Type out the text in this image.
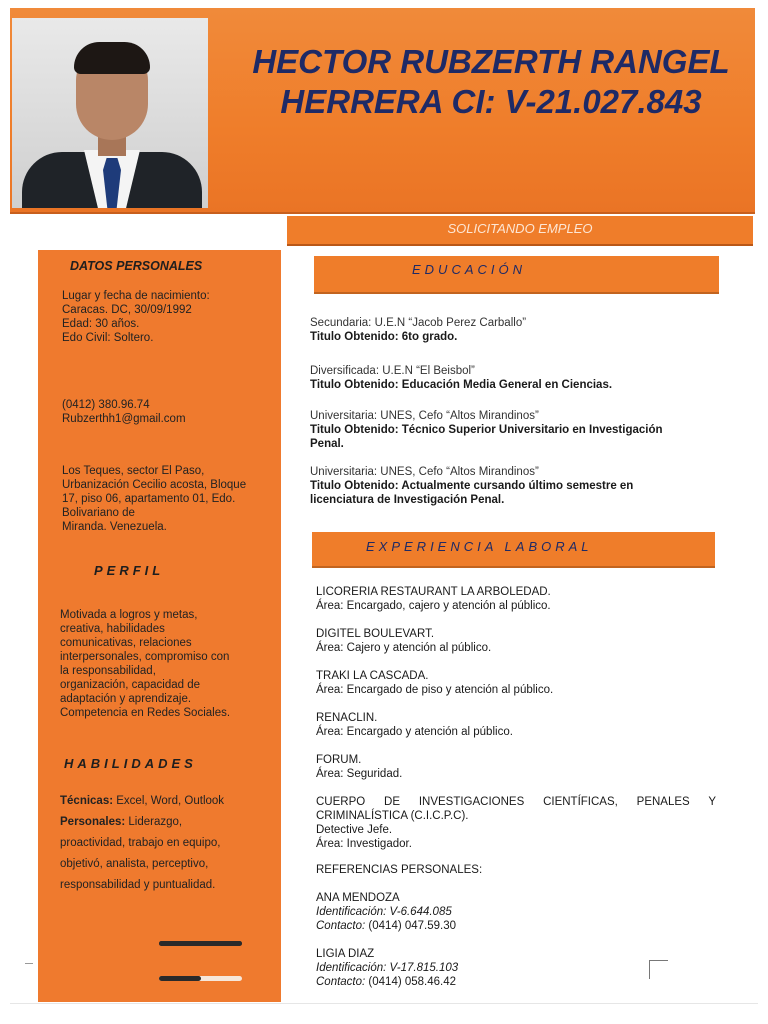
HECTOR RUBZERTH RANGEL
HERRERA CI: V-21.027.843
SOLICITANDO EMPLEO
DATOS PERSONALES
Lugar y fecha de nacimiento:
Caracas. DC, 30/09/1992
Edad: 30 años.
Edo Civil: Soltero.
(0412) 380.96.74
Rubzerthh1@gmail.com
Los Teques, sector El Paso,
Urbanización Cecilio acosta, Bloque
17, piso 06, apartamento 01, Edo.
Bolivariano de
Miranda. Venezuela.
PERFIL
Motivada a logros y metas,
creativa, habilidades
comunicativas, relaciones
interpersonales, compromiso con
la responsabilidad,
organización, capacidad de
adaptación y aprendizaje.
Competencia en Redes Sociales.
HABILIDADES
Técnicas: Excel, Word, Outlook
Personales: Liderazgo,
proactividad, trabajo en equipo,
objetivó, analista, perceptivo,
responsabilidad y puntualidad.
EDUCACIÓN
Secundaria: U.E.N “Jacob Perez Carballo”
Titulo Obtenido: 6to grado.
Diversificada: U.E.N “El Beisbol”
Titulo Obtenido: Educación Media General en Ciencias.
Universitaria: UNES, Cefo “Altos Mirandinos”
Titulo Obtenido: Técnico Superior Universitario en Investigación Penal.
Universitaria: UNES, Cefo “Altos Mirandinos”
Titulo Obtenido: Actualmente cursando último semestre en licenciatura de Investigación Penal.
EXPERIENCIA LABORAL
LICORERIA RESTAURANT LA ARBOLEDAD.
Área: Encargado, cajero y atención al público.
DIGITEL BOULEVART.
Área: Cajero y atención al público.
TRAKI LA CASCADA.
Área: Encargado de piso y atención al público.
RENACLIN.
Área: Encargado y atención al público.
FORUM.
Área: Seguridad.
CUERPO DE INVESTIGACIONES CIENTÍFICAS, PENALES Y
CRIMINALÍSTICA (C.I.C.P.C).
Detective Jefe.
Área: Investigador.
REFERENCIAS PERSONALES:
ANA MENDOZA
Identificación: V-6.644.085
Contacto: (0414) 047.59.30
LIGIA DIAZ
Identificación: V-17.815.103
Contacto: (0414) 058.46.42
